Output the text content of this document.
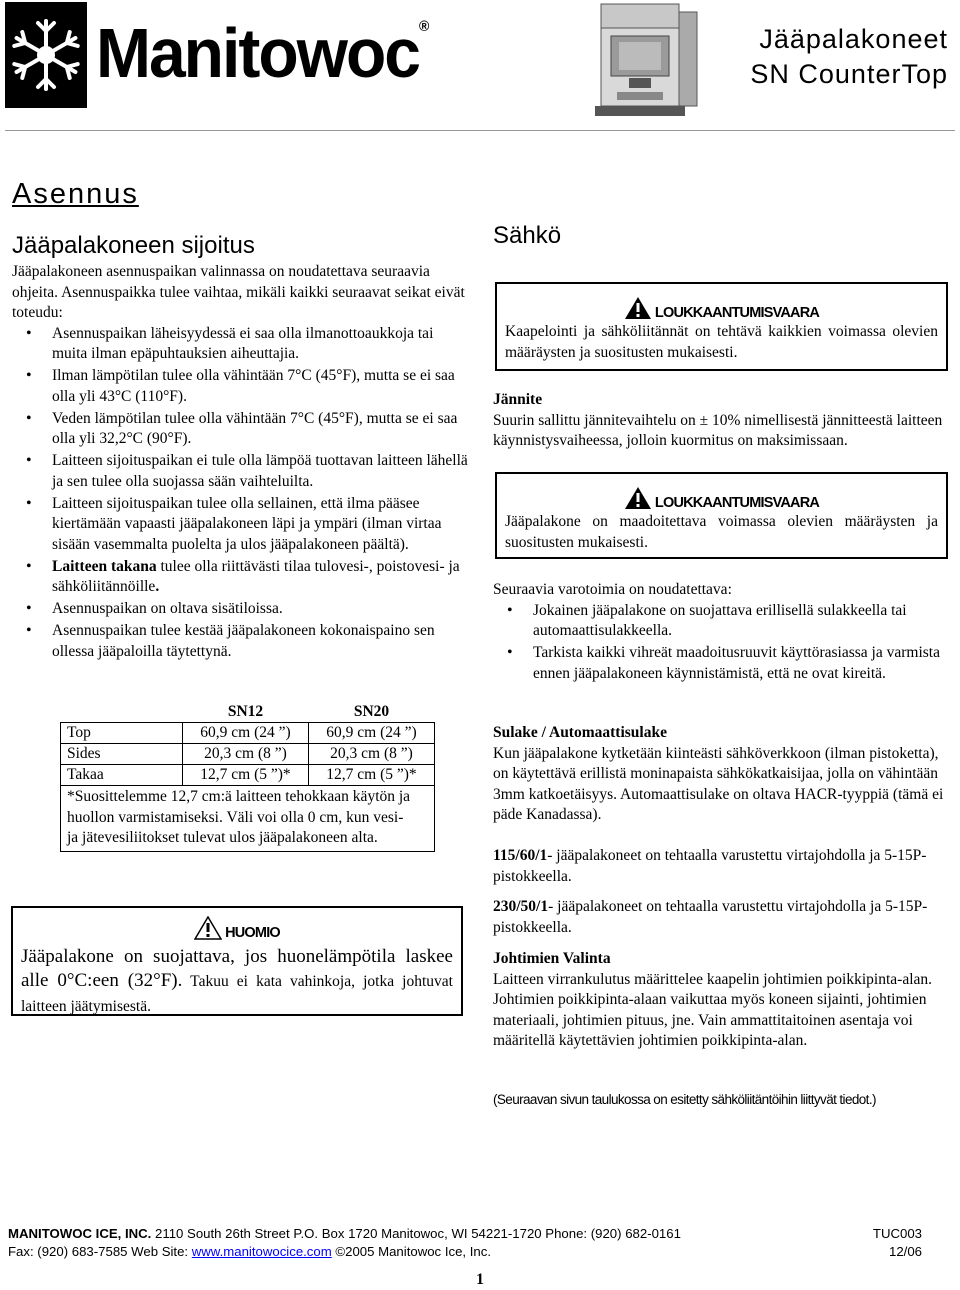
Manitowoc®	Jääpalakoneet
SN CounterTop
Asennus
Jääpalakoneen sijoitus

Jääpalakoneen asennuspaikan valinnassa on noudatettava seuraavia ohjeita. Asennuspaikka tulee vaihtaa, mikäli kaikki seuraavat seikat eivät toteudu:

• Asennuspaikan läheisyydessä ei saa olla ilmanottoaukkoja tai muita ilman epäpuhtauksien aiheuttajia.
• Ilman lämpötilan tulee olla vähintään 7°C (45°F), mutta se ei saa olla yli 43°C (110°F).
• Veden lämpötilan tulee olla vähintään 7°C (45°F), mutta se ei saa olla yli 32,2°C (90°F).
• Laitteen sijoituspaikan ei tule olla lämpöä tuottavan laitteen lähellä ja sen tulee olla suojassa sään vaihteluilta.
• Laitteen sijoituspaikan tulee olla sellainen, että ilma pääsee kiertämään vapaasti jääpalakoneen läpi ja ympäri (ilman virtaa sisään vasemmalta puolelta ja ulos jääpalakoneen päältä).
• Laitteen takana tulee olla riittävästi tilaa tulovesi-, poistovesi- ja sähköliitännöille.
• Asennuspaikan on oltava sisätiloissa.
• Asennuspaikan tulee kestää jääpalakoneen kokonaispaino sen ollessa jääpaloilla täytettynä.
	SN12	SN20
Top	60,9 cm (24 ”)	60,9 cm (24 ”)
Sides	20,3 cm (8 ”)	20,3 cm (8 ”)
Takaa	12,7 cm (5 ”)*	12,7 cm (5 ”)*

*Suosittelemme 12,7 cm:ä laitteen tehokkaan käytön ja huollon varmistamiseksi. Väli voi olla 0 cm, kun vesi- ja jätevesiliitokset tulevat ulos jääpalakoneen alta.		
HUOMIO
Jääpalakone on suojattava, jos huonelämpötila laskee alle 0°C:een (32°F). Takuu ei kata vahinkoja, jotka johtuvat laitteen jäätymisestä.
Sähkö
LOUKKAANTUMISVAARA
Kaapelointi ja sähköliitännät on tehtävä kaikkien voimassa olevien määräysten ja suositusten mukaisesti.
Jännite

Suurin sallittu jännitevaihtelu on ± 10% nimellisestä jännitteestä laitteen käynnistysvaiheessa, jolloin kuormitus on maksimissaan.

LOUKKAANTUMISVAARA
Jääpalakone on maadoitettava voimassa olevien määräysten ja suositusten mukaisesti.

Seuraavia varotoimia on noudatettava:

• Jokainen jääpalakone on suojattava erillisellä sulakkeella tai automaattisulakkeella.
• Tarkista kaikki vihreät maadoitusruuvit käyttörasiassa ja varmista ennen jääpalakoneen käynnistämistä, että ne ovat kireitä.
Sulake / Automaattisulake

Kun jääpalakone kytketään kiinteästi sähköverkkoon (ilman pistoketta), on käytettävä erillistä moninapaista sähkökatkaisijaa, jolla on vähintään 3mm katkoetäisyys. Automaattisulake on oltava HACR-tyyppiä (tämä ei päde Kanadassa).

115/60/1- jääpalakoneet on tehtaalla varustettu virtajohdolla ja 5-15P- pistokkeella.

230/50/1- jääpalakoneet on tehtaalla varustettu virtajohdolla ja 5-15P- pistokkeella.

Johtimien Valinta

Laitteen virrankulutus määrittelee kaapelin johtimien poikkipinta-alan. Johtimien poikkipinta-alaan vaikuttaa myös koneen sijainti, johtimien materiaali, johtimien pituus, jne. Vain ammattitaitoinen asentaja voi määritellä käytettävien johtimien poikkipinta-alan.

(Seuraavan sivun taulukossa on esitetty sähköliitäntöihin liittyvät tiedot.)
MANITOWOC ICE, INC. 2110 South 26th Street P.O. Box 1720 Manitowoc, WI 54221-1720 Phone: (920) 682-0161	TUC003
Fax: (920) 683-7585 Web Site: www.manitowocice.com ©2005 Manitowoc Ice, Inc.	12/06
1
